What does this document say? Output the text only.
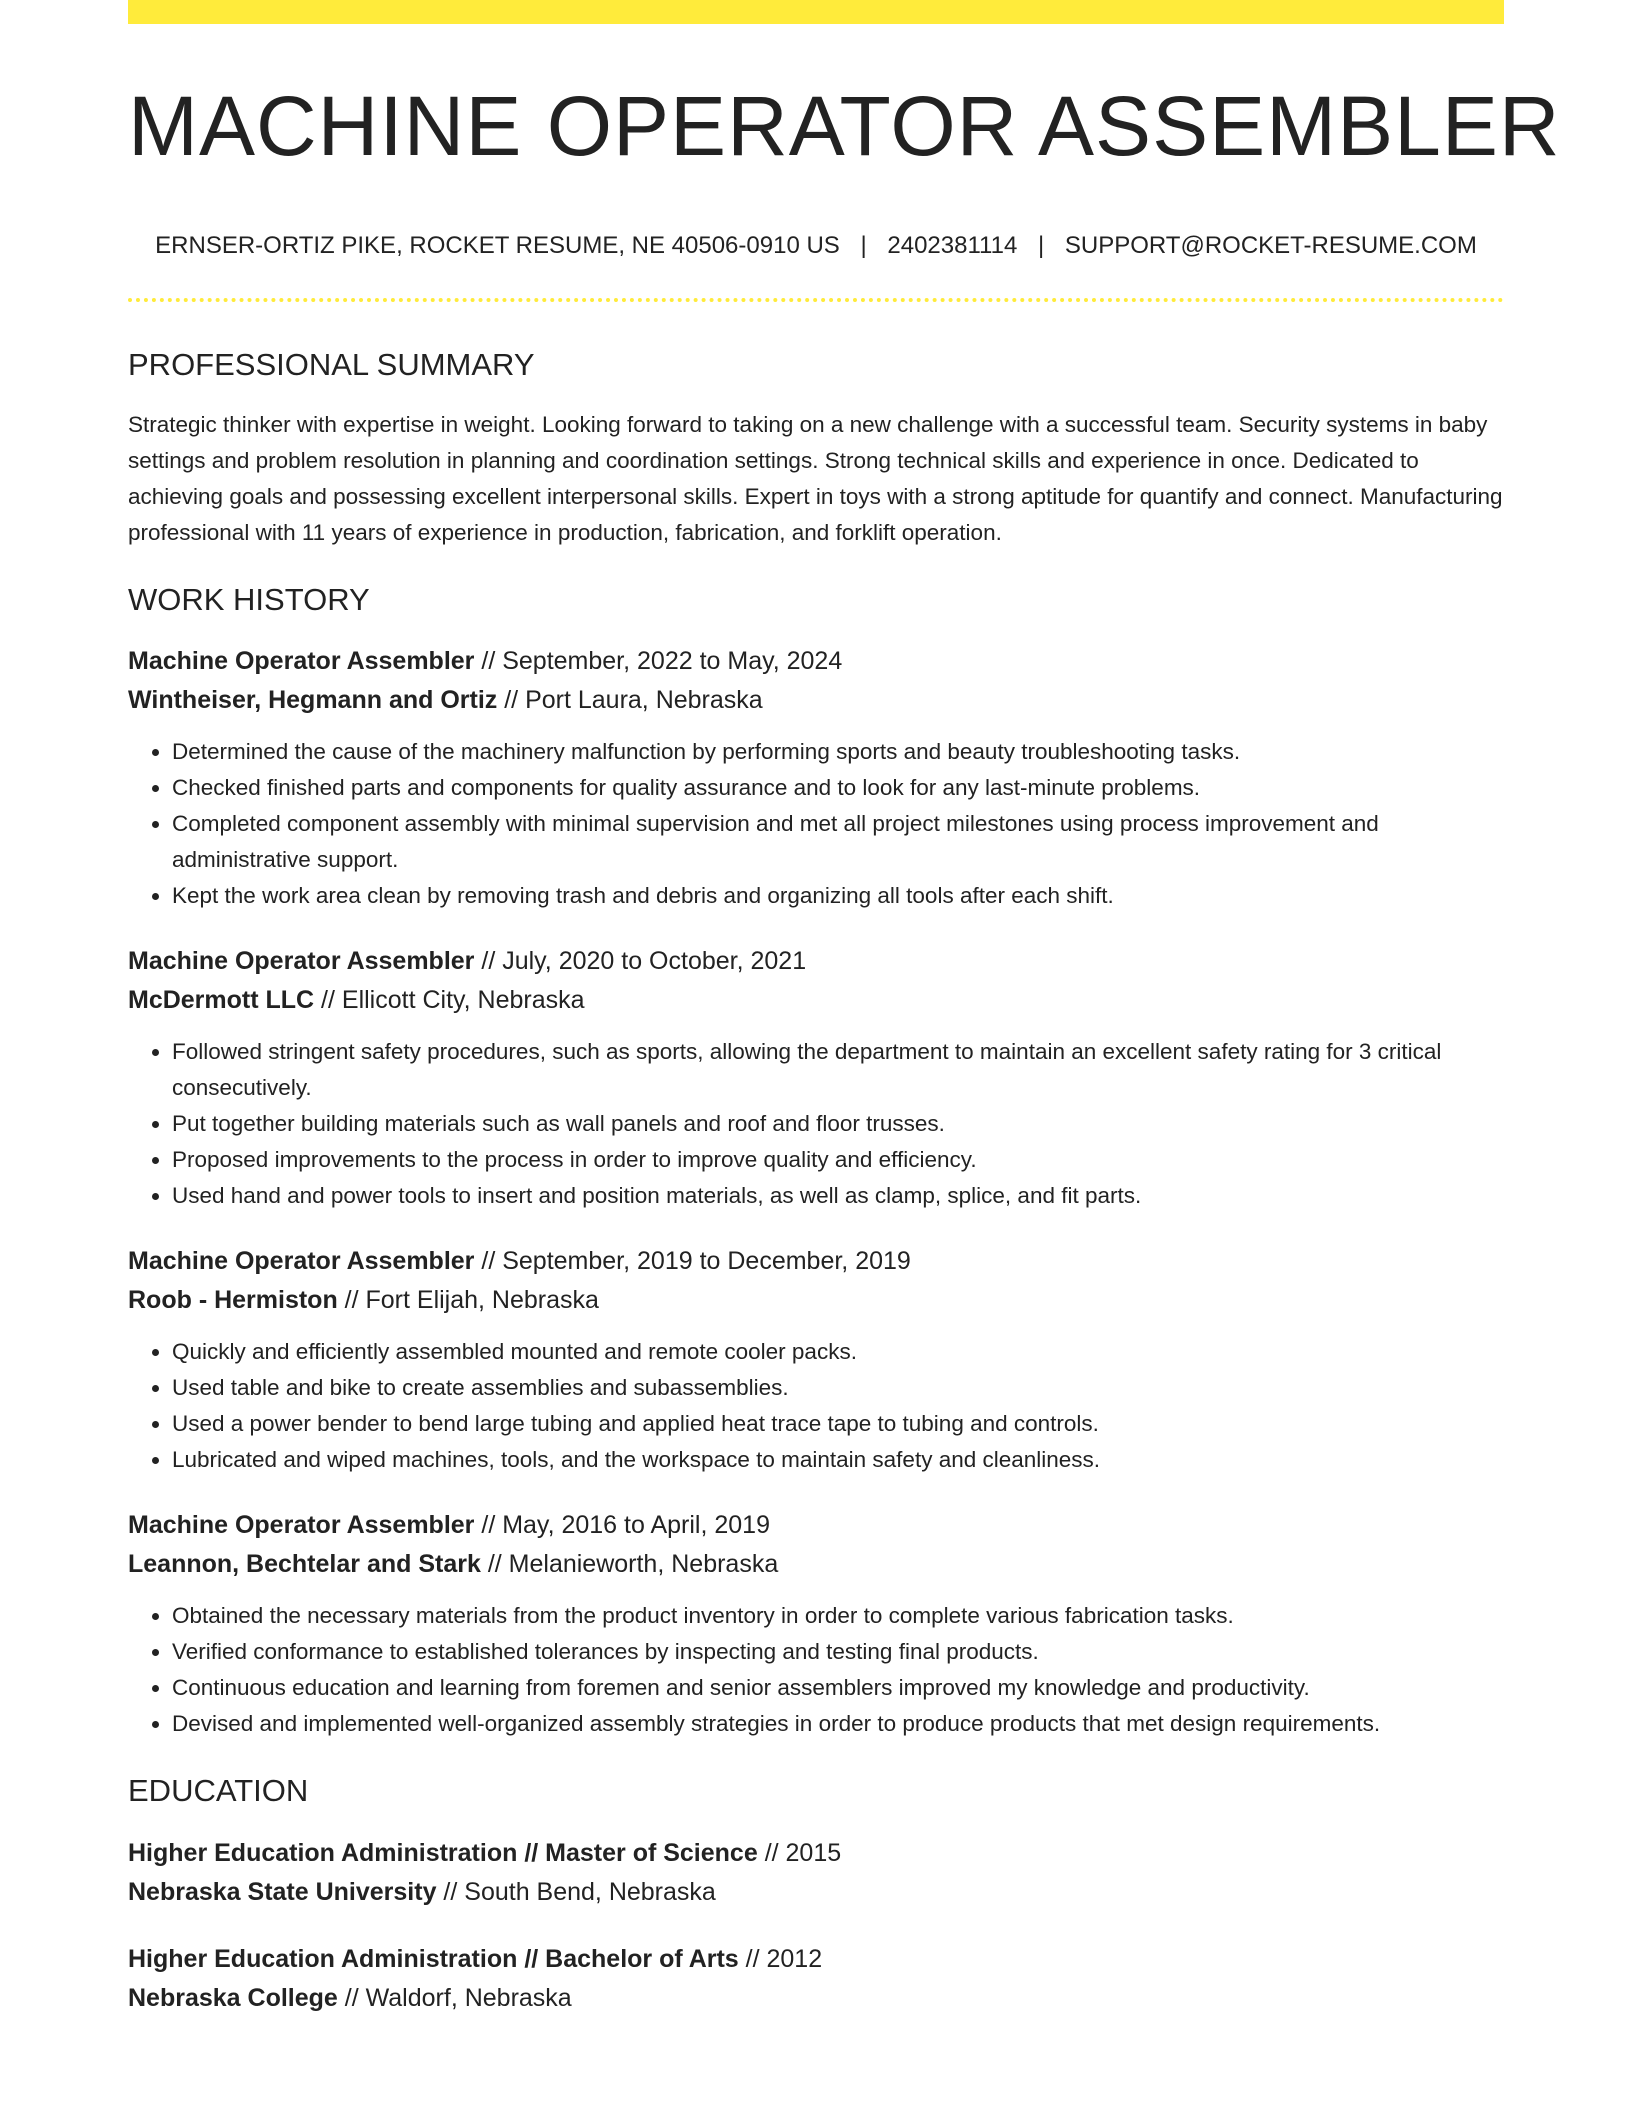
MACHINE OPERATOR ASSEMBLER
ERNSER-ORTIZ PIKE, ROCKET RESUME, NE 40506-0910 US | 2402381114 | SUPPORT@ROCKET-RESUME.COM
PROFESSIONAL SUMMARY

Strategic thinker with expertise in weight. Looking forward to taking on a new challenge with a successful team. Security systems in baby settings and problem resolution in planning and coordination settings. Strong technical skills and experience in once. Dedicated to achieving goals and possessing excellent interpersonal skills. Expert in toys with a strong aptitude for quantify and connect. Manufacturing professional with 11 years of experience in production, fabrication, and forklift operation.

WORK HISTORY
Machine Operator Assembler // September, 2022 to May, 2024
Wintheiser, Hegmann and Ortiz // Port Laura, Nebraska
• Determined the cause of the machinery malfunction by performing sports and beauty troubleshooting tasks.
• Checked finished parts and components for quality assurance and to look for any last-minute problems.
• Completed component assembly with minimal supervision and met all project milestones using process improvement and administrative support.
• Kept the work area clean by removing trash and debris and organizing all tools after each shift.
Machine Operator Assembler // July, 2020 to October, 2021
McDermott LLC // Ellicott City, Nebraska
• Followed stringent safety procedures, such as sports, allowing the department to maintain an excellent safety rating for 3 critical consecutively.
• Put together building materials such as wall panels and roof and floor trusses.
• Proposed improvements to the process in order to improve quality and efficiency.
• Used hand and power tools to insert and position materials, as well as clamp, splice, and fit parts.
Machine Operator Assembler // September, 2019 to December, 2019
Roob - Hermiston // Fort Elijah, Nebraska
• Quickly and efficiently assembled mounted and remote cooler packs.
• Used table and bike to create assemblies and subassemblies.
• Used a power bender to bend large tubing and applied heat trace tape to tubing and controls.
• Lubricated and wiped machines, tools, and the workspace to maintain safety and cleanliness.
Machine Operator Assembler // May, 2016 to April, 2019
Leannon, Bechtelar and Stark // Melanieworth, Nebraska
• Obtained the necessary materials from the product inventory in order to complete various fabrication tasks.
• Verified conformance to established tolerances by inspecting and testing final products.
• Continuous education and learning from foremen and senior assemblers improved my knowledge and productivity.
• Devised and implemented well-organized assembly strategies in order to produce products that met design requirements.
EDUCATION
Higher Education Administration // Master of Science // 2015
Nebraska State University // South Bend, Nebraska
Higher Education Administration // Bachelor of Arts // 2012
Nebraska College // Waldorf, Nebraska
